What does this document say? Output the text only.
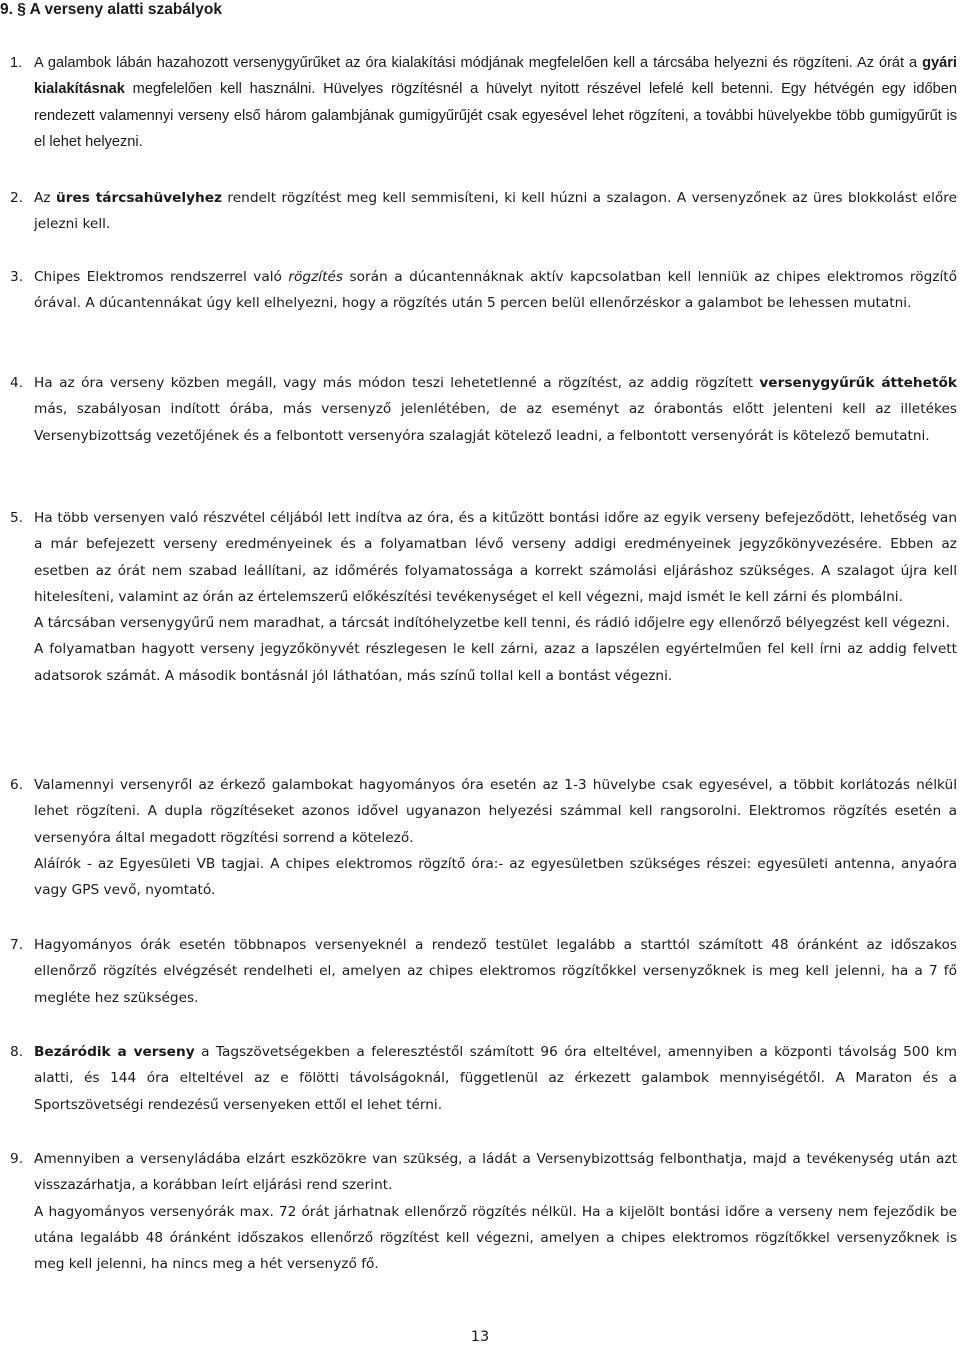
9. § A verseny alatti szabályok
1. A galambok lábán hazahozott versenygyűrűket az óra kialakítási módjának megfelelően kell a tárcsába helyezni és rögzíteni. Az órát a gyári kialakításnak megfelelően kell használni. Hüvelyes rögzítésnél a hüvelyt nyitott részével lefelé kell betenni. Egy hétvégén egy időben rendezett valamennyi verseny első három galambjának gumigyűrűjét csak egyesével lehet rögzíteni, a további hüvelyekbe több gumigyűrűt is el lehet helyezni.

2. Az üres tárcsahüvelyhez rendelt rögzítést meg kell semmisíteni, ki kell húzni a szalagon. A versenyzőnek az üres blokkolást előre jelezni kell.

3. Chipes Elektromos rendszerrel való rögzítés során a dúcantennáknak aktív kapcsolatban kell lenniük az chipes elektromos rögzítő órával. A dúcantennákat úgy kell elhelyezni, hogy a rögzítés után 5 percen belül ellenőrzéskor a galambot be lehessen mutatni.

4. Ha az óra verseny közben megáll, vagy más módon teszi lehetetlenné a rögzítést, az addig rögzített versenygyűrűk áttehetők más, szabályosan indított órába, más versenyző jelenlétében, de az eseményt az órabontás előtt jelenteni kell az illetékes Versenybizottság vezetőjének és a felbontott versenyóra szalagját kötelező leadni, a felbontott versenyórát is kötelező bemutatni.

5. Ha több versenyen való részvétel céljából lett indítva az óra, és a kitűzött bontási időre az egyik verseny befejeződött, lehetőség van a már befejezett verseny eredményeinek és a folyamatban lévő verseny addigi eredményeinek jegyzőkönyvezésére. Ebben az esetben az órát nem szabad leállítani, az időmérés folyamatossága a korrekt számolási eljáráshoz szükséges. A szalagot újra kell hitelesíteni, valamint az órán az értelemszerű előkészítési tevékenységet el kell végezni, majd ismét le kell zárni és plombálni.

A tárcsában versenygyűrű nem maradhat, a tárcsát indítóhelyzetbe kell tenni, és rádió időjelre egy ellenőrző bélyegzést kell végezni.

A folyamatban hagyott verseny jegyzőkönyvét részlegesen le kell zárni, azaz a lapszélen egyértelműen fel kell írni az addig felvett adatsorok számát. A második bontásnál jól láthatóan, más színű tollal kell a bontást végezni.

6. Valamennyi versenyről az érkező galambokat hagyományos óra esetén az 1-3 hüvelybe csak egyesével, a többit korlátozás nélkül lehet rögzíteni. A dupla rögzítéseket azonos idővel ugyanazon helyezési számmal kell rangsorolni. Elektromos rögzítés esetén a versenyóra által megadott rögzítési sorrend a kötelező.

Aláírók - az Egyesületi VB tagjai. A chipes elektromos rögzítő óra:- az egyesületben szükséges részei: egyesületi antenna, anyaóra vagy GPS vevő, nyomtató.

7. Hagyományos órák esetén többnapos versenyeknél a rendező testület legalább a starttól számított 48 óránként az időszakos ellenőrző rögzítés elvégzését rendelheti el, amelyen az chipes elektromos rögzítőkkel versenyzőknek is meg kell jelenni, ha a 7 fő megléte hez szükséges.

8. Bezáródik a verseny a Tagszövetségekben a feleresztéstől számított 96 óra elteltével, amennyiben a központi távolság 500 km alatti, és 144 óra elteltével az e fölötti távolságoknál, függetlenül az érkezett galambok mennyiségétől. A Maraton és a Sportszövetségi rendezésű versenyeken ettől el lehet térni.

9. Amennyiben a versenyládába elzárt eszközökre van szükség, a ládát a Versenybizottság felbonthatja, majd a tevékenység után azt visszazárhatja, a korábban leírt eljárási rend szerint.

A hagyományos versenyórák max. 72 órát járhatnak ellenőrző rögzítés nélkül. Ha a kijelölt bontási időre a verseny nem fejeződik be utána legalább 48 óránként időszakos ellenőrző rögzítést kell végezni, amelyen a chipes elektromos rögzítőkkel versenyzőknek is meg kell jelenni, ha nincs meg a hét versenyző fő.

13
